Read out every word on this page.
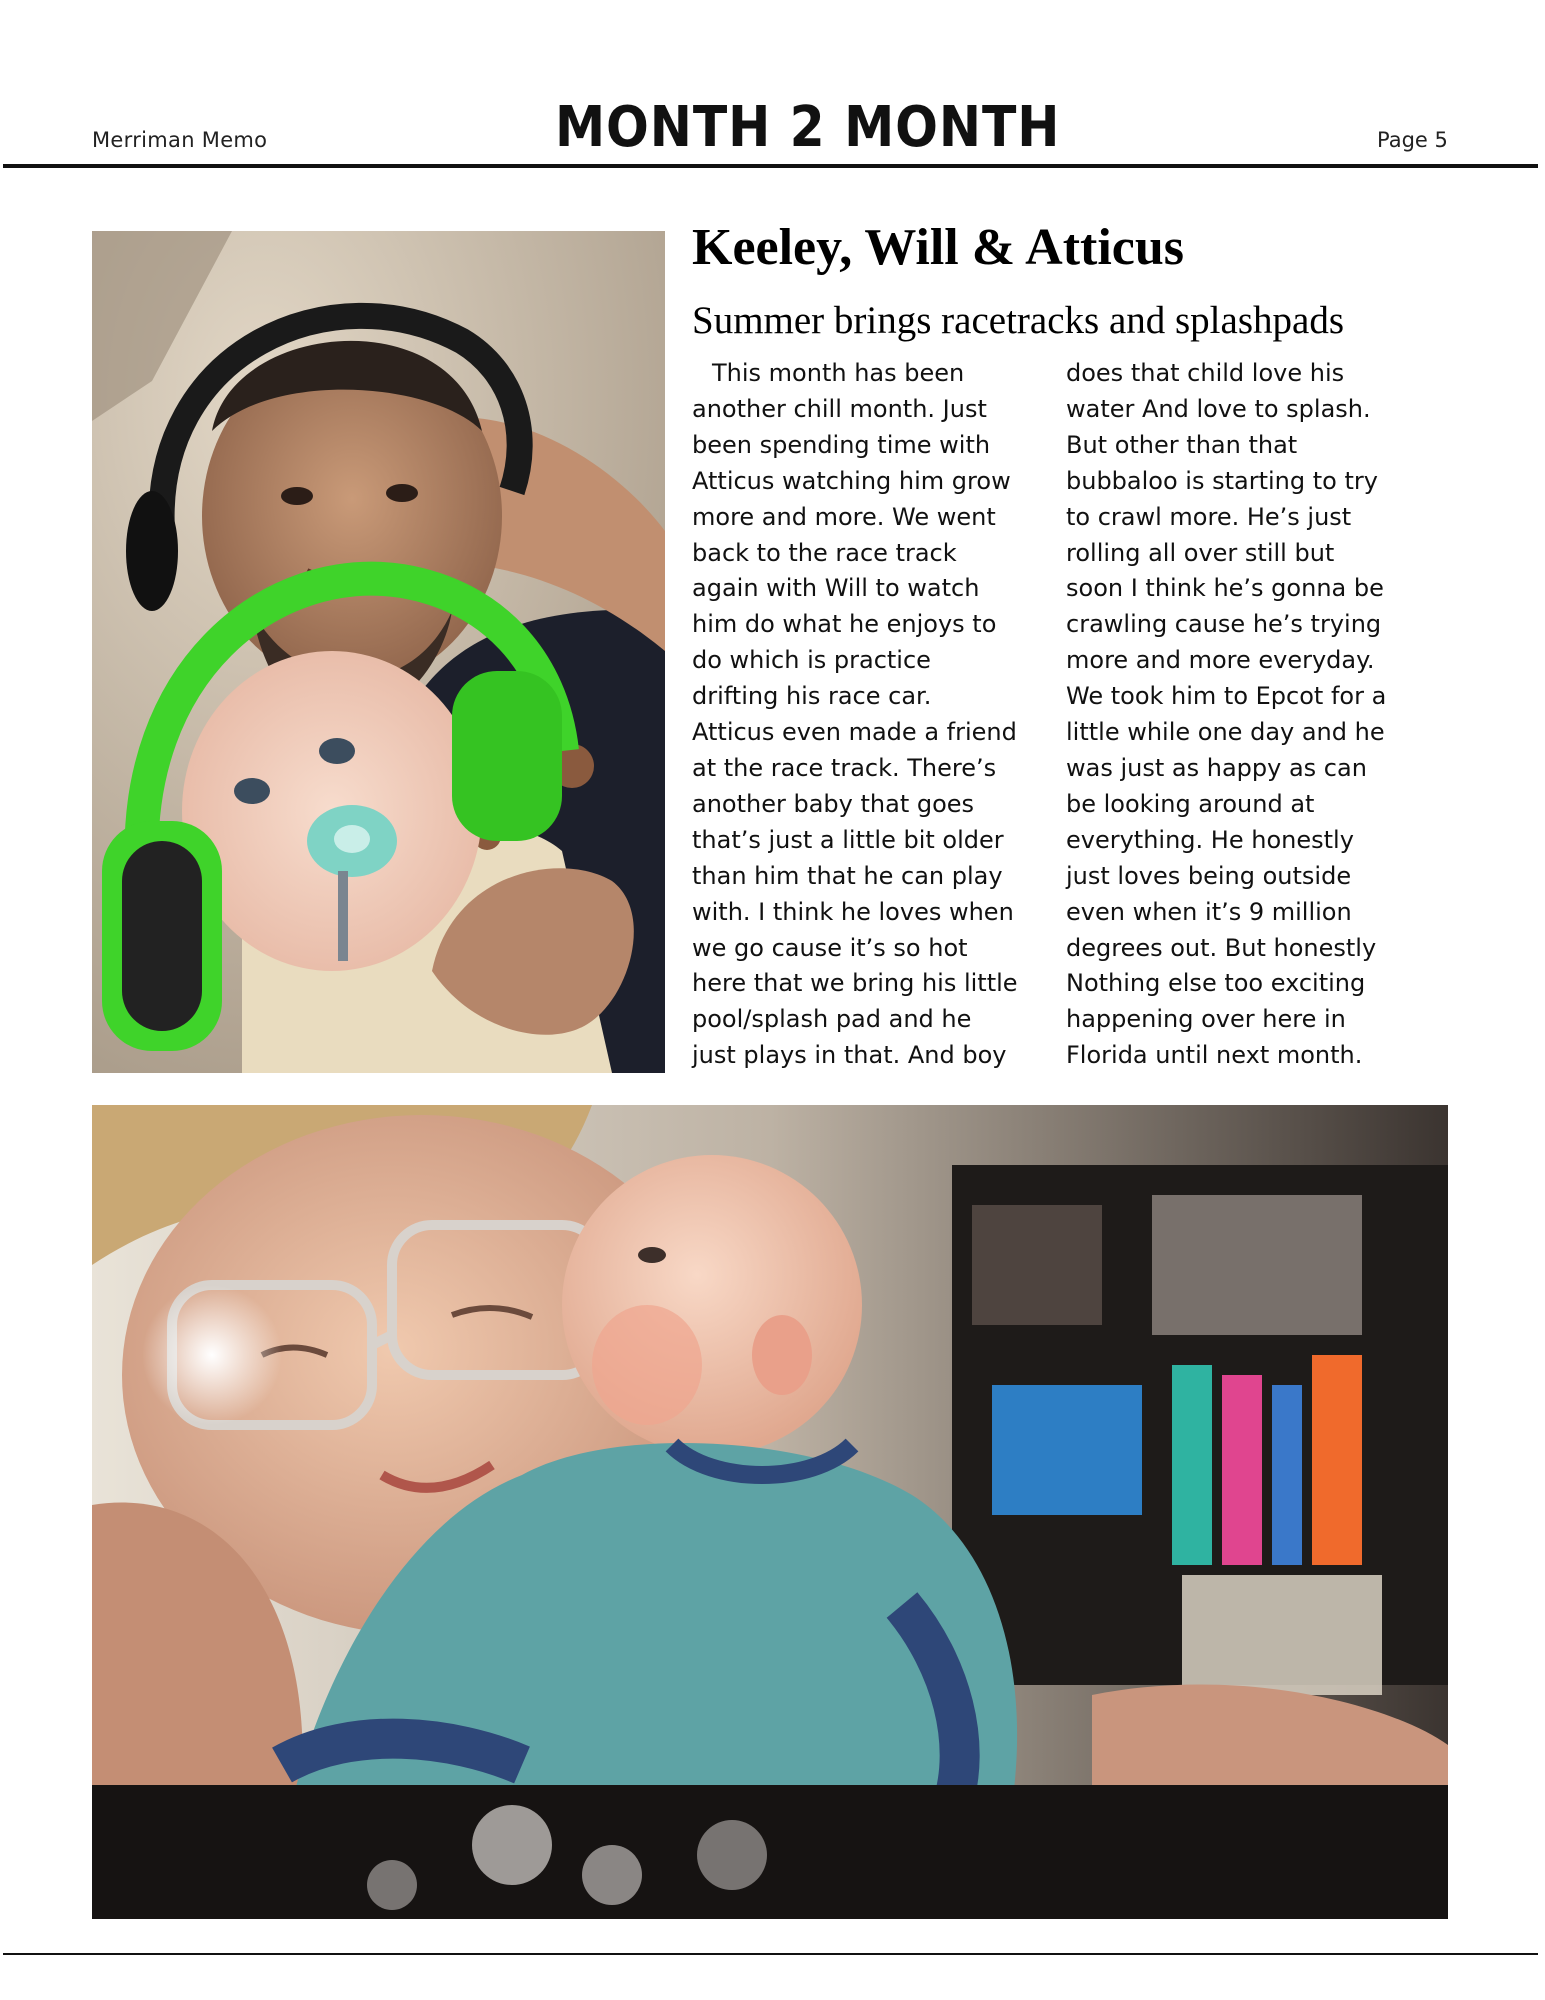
Merriman Memo	MONTH 2 MONTH	Page 5
Keeley, Will & Atticus
Summer brings racetracks and splashpads
This month has been
another chill month. Just
been spending time with
Atticus watching him grow
more and more. We went
back to the race track
again with Will to watch
him do what he enjoys to
do which is practice
drifting his race car.
Atticus even made a friend
at the race track. There’s
another baby that goes
that’s just a little bit older
than him that he can play
with. I think he loves when
we go cause it’s so hot
here that we bring his little
pool/splash pad and he
just plays in that. And boy
does that child love his
water And love to splash.
But other than that
bubbaloo is starting to try
to crawl more. He’s just
rolling all over still but
soon I think he’s gonna be
crawling cause he’s trying
more and more everyday.
We took him to Epcot for a
little while one day and he
was just as happy as can
be looking around at
everything. He honestly
just loves being outside
even when it’s 9 million
degrees out. But honestly
Nothing else too exciting
happening over here in
Florida until next month.
